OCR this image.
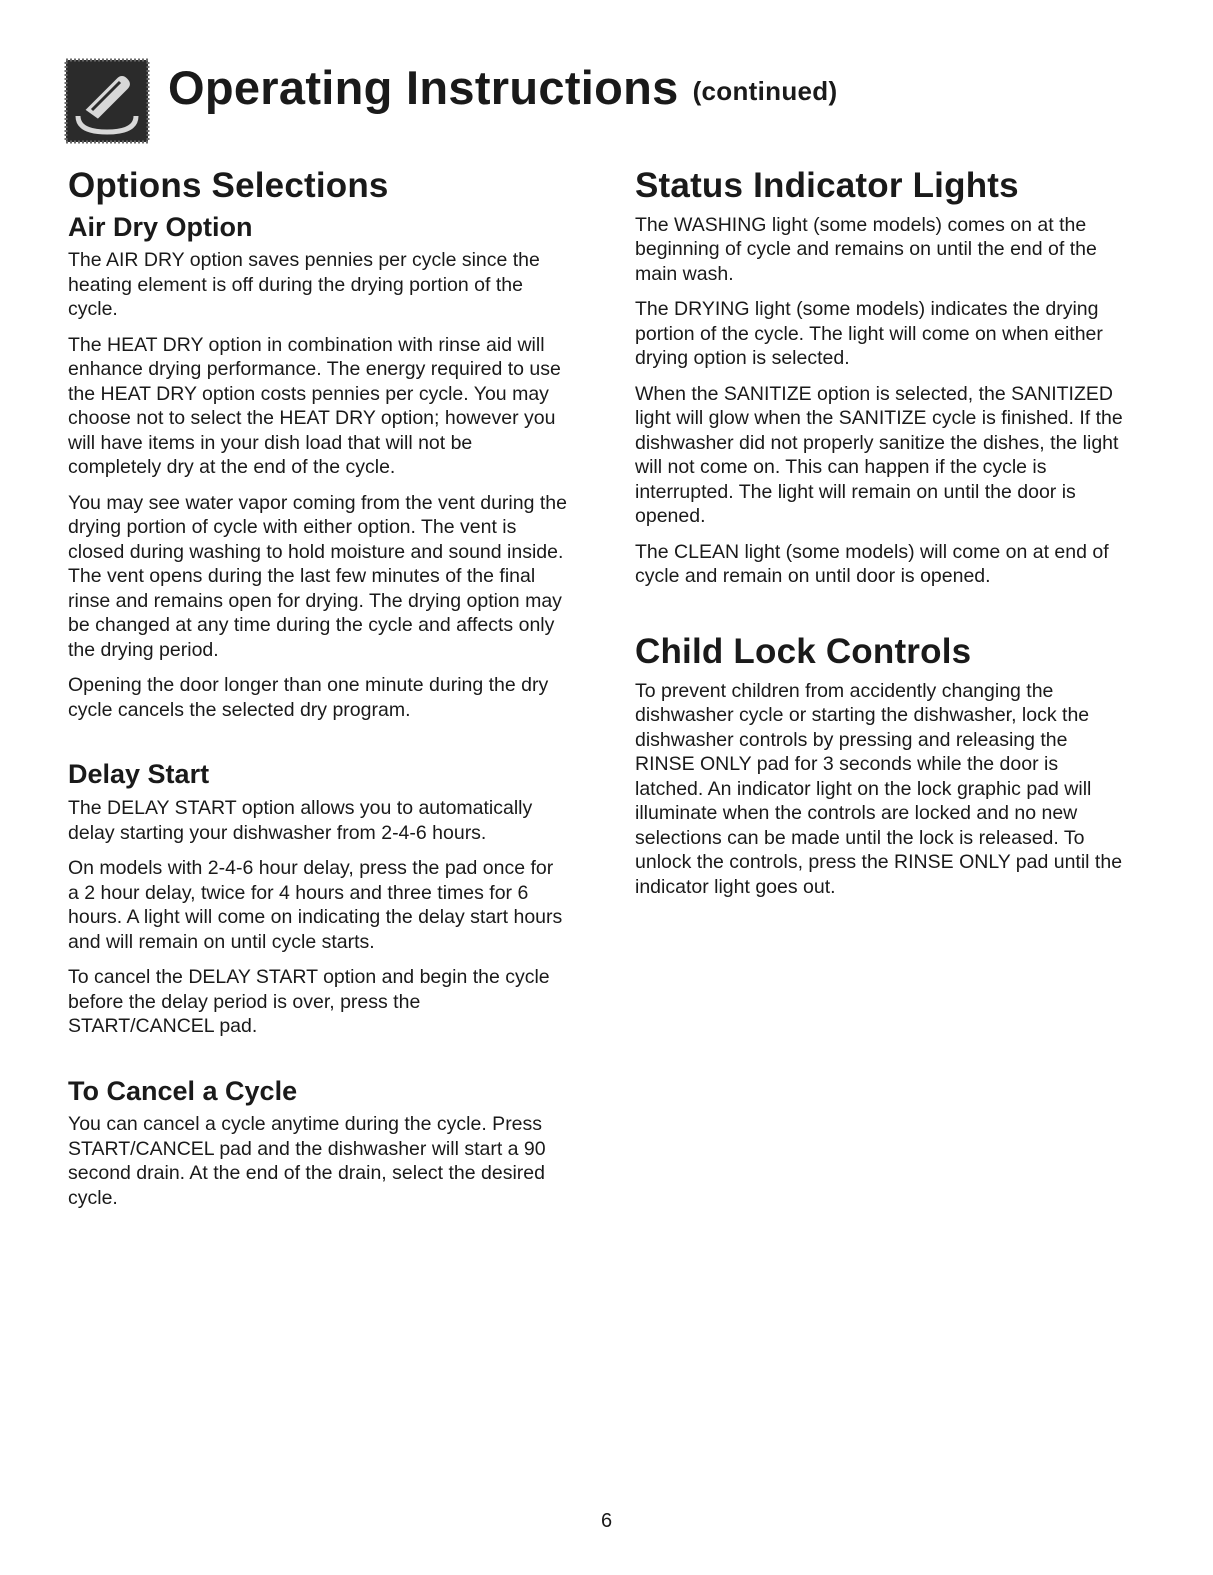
Operating Instructions (continued)
Options Selections
Air Dry Option

The AIR DRY option saves pennies per cycle since the heating element is off during the drying portion of the cycle.

The HEAT DRY option in combination with rinse aid will enhance drying performance. The energy required to use the HEAT DRY option costs pennies per cycle. You may choose not to select the HEAT DRY option; however you will have items in your dish load that will not be completely dry at the end of the cycle.

You may see water vapor coming from the vent during the drying portion of cycle with either option. The vent is closed during washing to hold moisture and sound inside. The vent opens during the last few minutes of the final rinse and remains open for drying. The drying option may be changed at any time during the cycle and affects only the drying period.

Opening the door longer than one minute during the dry cycle cancels the selected dry program.

Delay Start

The DELAY START option allows you to automatically delay starting your dishwasher from 2-4-6 hours.

On models with 2-4-6 hour delay, press the pad once for a 2 hour delay, twice for 4 hours and three times for 6 hours. A light will come on indicating the delay start hours and will remain on until cycle starts.

To cancel the DELAY START option and begin the cycle before the delay period is over, press the START/CANCEL pad.

To Cancel a Cycle

You can cancel a cycle anytime during the cycle. Press START/CANCEL pad and the dishwasher will start a 90 second drain. At the end of the drain, select the desired cycle.

Status Indicator Lights

The WASHING light (some models) comes on at the beginning of cycle and remains on until the end of the main wash.

The DRYING light (some models) indicates the drying portion of the cycle. The light will come on when either drying option is selected.

When the SANITIZE option is selected, the SANITIZED light will glow when the SANITIZE cycle is finished. If the dishwasher did not properly sanitize the dishes, the light will not come on. This can happen if the cycle is interrupted. The light will remain on until the door is opened.

The CLEAN light (some models) will come on at end of cycle and remain on until door is opened.

Child Lock Controls

To prevent children from accidently changing the dishwasher cycle or starting the dishwasher, lock the dishwasher controls by pressing and releasing the RINSE ONLY pad for 3 seconds while the door is latched. An indicator light on the lock graphic pad will illuminate when the controls are locked and no new selections can be made until the lock is released. To unlock the controls, press the RINSE ONLY pad until the indicator light goes out.

6
